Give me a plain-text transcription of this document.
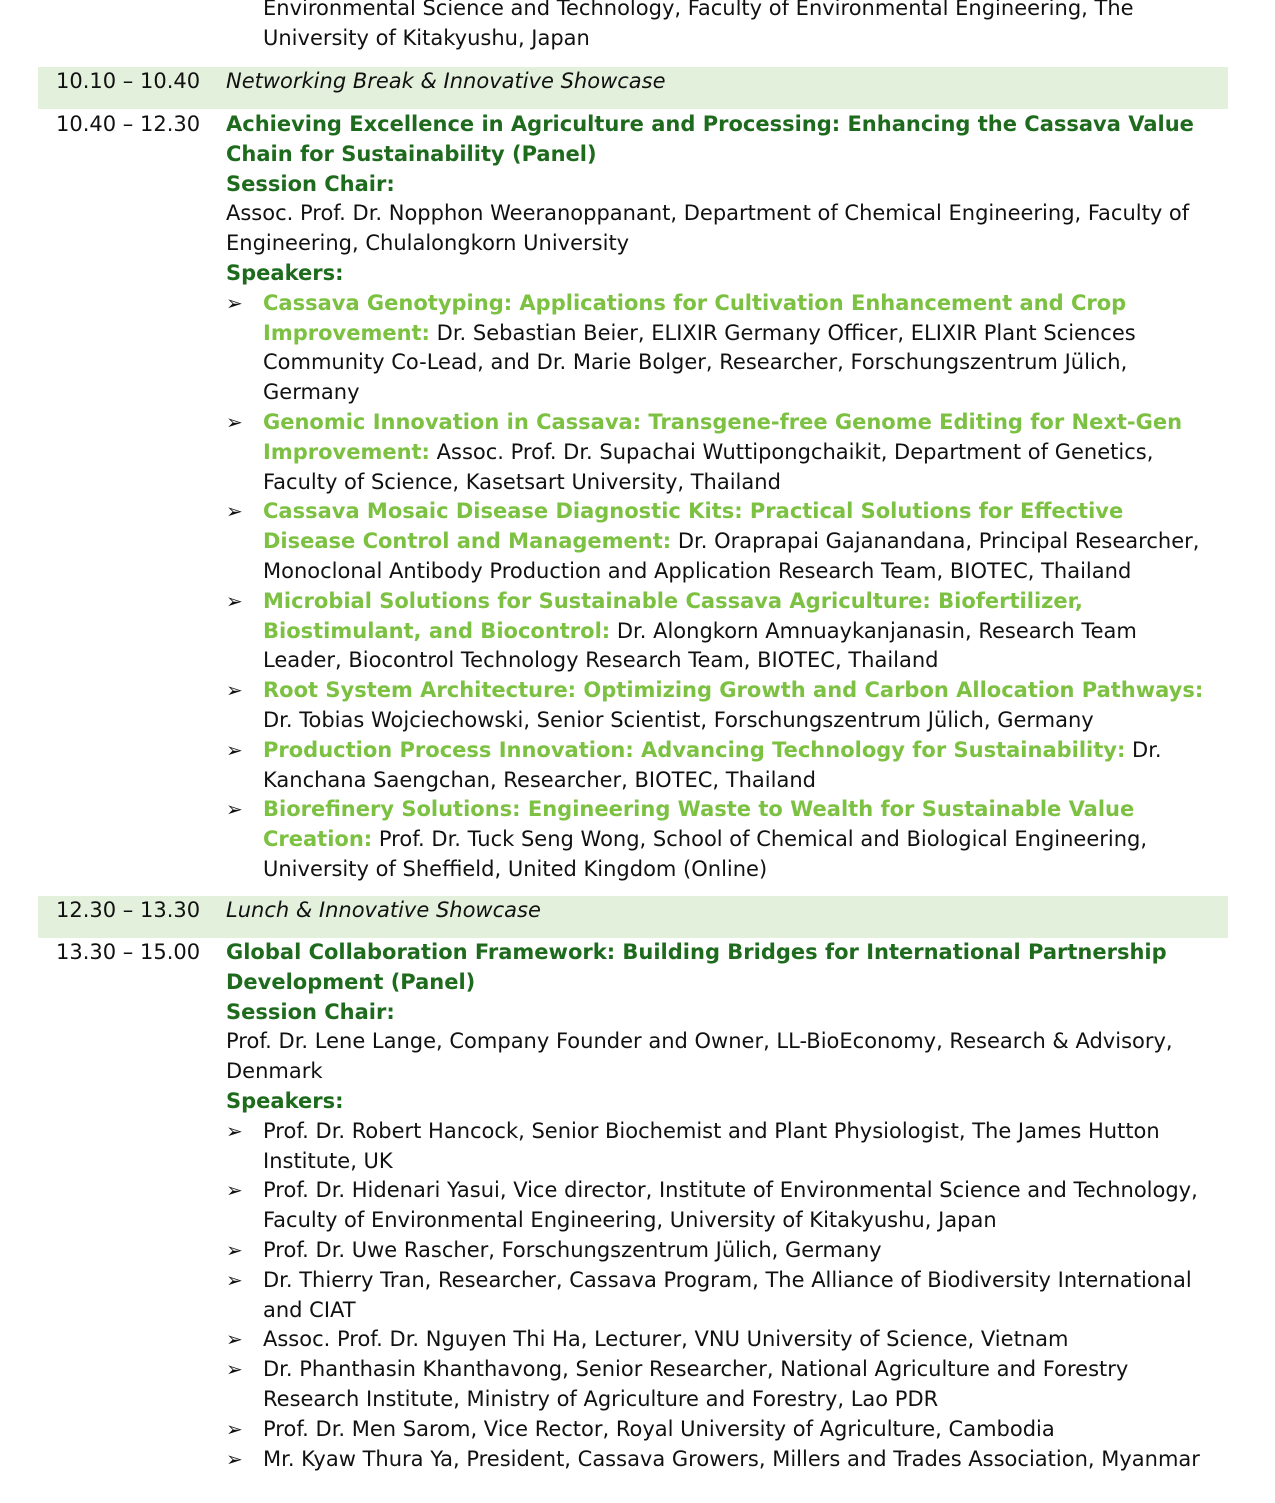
Environmental Science and Technology, Faculty of Environmental Engineering, The University of Kitakyushu, Japan
10.10 – 10.40 Networking Break & Innovative Showcase
10.40 – 12.30 Achieving Excellence in Agriculture and Processing: Enhancing the Cassava Value Chain for Sustainability (Panel)
Session Chair:
Assoc. Prof. Dr. Nopphon Weeranoppanant, Department of Chemical Engineering, Faculty of Engineering, Chulalongkorn University
Speakers:
➢ Cassava Genotyping: Applications for Cultivation Enhancement and Crop Improvement: Dr. Sebastian Beier, ELIXIR Germany Officer, ELIXIR Plant Sciences Community Co-Lead, and Dr. Marie Bolger, Researcher, Forschungszentrum Jülich, Germany
➢ Genomic Innovation in Cassava: Transgene-free Genome Editing for Next-Gen Improvement: Assoc. Prof. Dr. Supachai Wuttipongchaikit, Department of Genetics, Faculty of Science, Kasetsart University, Thailand
➢ Cassava Mosaic Disease Diagnostic Kits: Practical Solutions for Effective Disease Control and Management: Dr. Oraprapai Gajanandana, Principal Researcher, Monoclonal Antibody Production and Application Research Team, BIOTEC, Thailand
➢ Microbial Solutions for Sustainable Cassava Agriculture: Biofertilizer, Biostimulant, and Biocontrol: Dr. Alongkorn Amnuaykanjanasin, Research Team Leader, Biocontrol Technology Research Team, BIOTEC, Thailand
➢ Root System Architecture: Optimizing Growth and Carbon Allocation Pathways: Dr. Tobias Wojciechowski, Senior Scientist, Forschungszentrum Jülich, Germany
➢ Production Process Innovation: Advancing Technology for Sustainability: Dr. Kanchana Saengchan, Researcher, BIOTEC, Thailand
➢ Biorefinery Solutions: Engineering Waste to Wealth for Sustainable Value Creation: Prof. Dr. Tuck Seng Wong, School of Chemical and Biological Engineering, University of Sheffield, United Kingdom (Online)
12.30 – 13.30 Lunch & Innovative Showcase
13.30 – 15.00 Global Collaboration Framework: Building Bridges for International Partnership Development (Panel)
Session Chair:
Prof. Dr. Lene Lange, Company Founder and Owner, LL-BioEconomy, Research & Advisory, Denmark
Speakers:
➢ Prof. Dr. Robert Hancock, Senior Biochemist and Plant Physiologist, The James Hutton Institute, UK
➢ Prof. Dr. Hidenari Yasui, Vice director, Institute of Environmental Science and Technology, Faculty of Environmental Engineering, University of Kitakyushu, Japan
➢ Prof. Dr. Uwe Rascher, Forschungszentrum Jülich, Germany
➢ Dr. Thierry Tran, Researcher, Cassava Program, The Alliance of Biodiversity International and CIAT
➢ Assoc. Prof. Dr. Nguyen Thi Ha, Lecturer, VNU University of Science, Vietnam
➢ Dr. Phanthasin Khanthavong, Senior Researcher, National Agriculture and Forestry Research Institute, Ministry of Agriculture and Forestry, Lao PDR
➢ Prof. Dr. Men Sarom, Vice Rector, Royal University of Agriculture, Cambodia
➢ Mr. Kyaw Thura Ya, President, Cassava Growers, Millers and Trades Association, Myanmar
